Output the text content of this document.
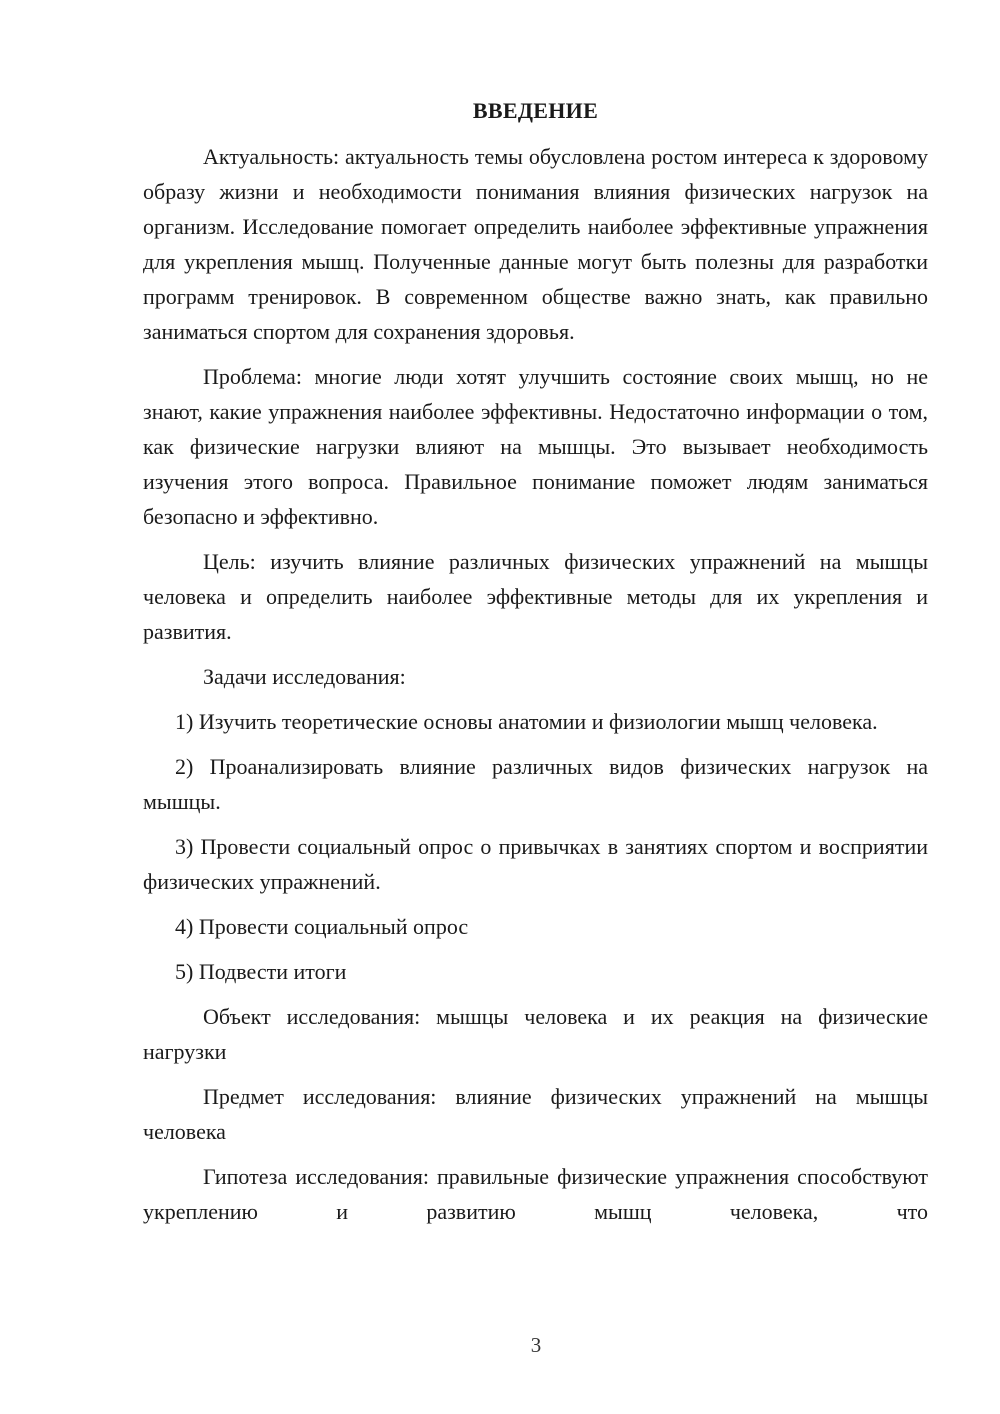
ВВЕДЕНИЕ

Актуальность: актуальность темы обусловлена ростом интереса к здоровому образу жизни и необходимости понимания влияния физических нагрузок на организм. Исследование помогает определить наиболее эффективные упражнения для укрепления мышц. Полученные данные могут быть полезны для разработки программ тренировок. В современном обществе важно знать, как правильно заниматься спортом для сохранения здоровья.

Проблема: многие люди хотят улучшить состояние своих мышц, но не знают, какие упражнения наиболее эффективны. Недостаточно информации о том, как физические нагрузки влияют на мышцы. Это вызывает необходимость изучения этого вопроса. Правильное понимание поможет людям заниматься безопасно и эффективно.

Цель: изучить влияние различных физических упражнений на мышцы человека и определить наиболее эффективные методы для их укрепления и развития.

Задачи исследования:

1) Изучить теоретические основы анатомии и физиологии мышц человека.

2) Проанализировать влияние различных видов физических нагрузок на мышцы.

3) Провести социальный опрос о привычках в занятиях спортом и восприятии физических упражнений.

4) Провести социальный опрос

5) Подвести итоги

Объект исследования: мышцы человека и их реакция на физические нагрузки

Предмет исследования: влияние физических упражнений на мышцы человека

Гипотеза исследования: правильные физические упражнения способствуют укреплению и развитию мышц человека, что

3
